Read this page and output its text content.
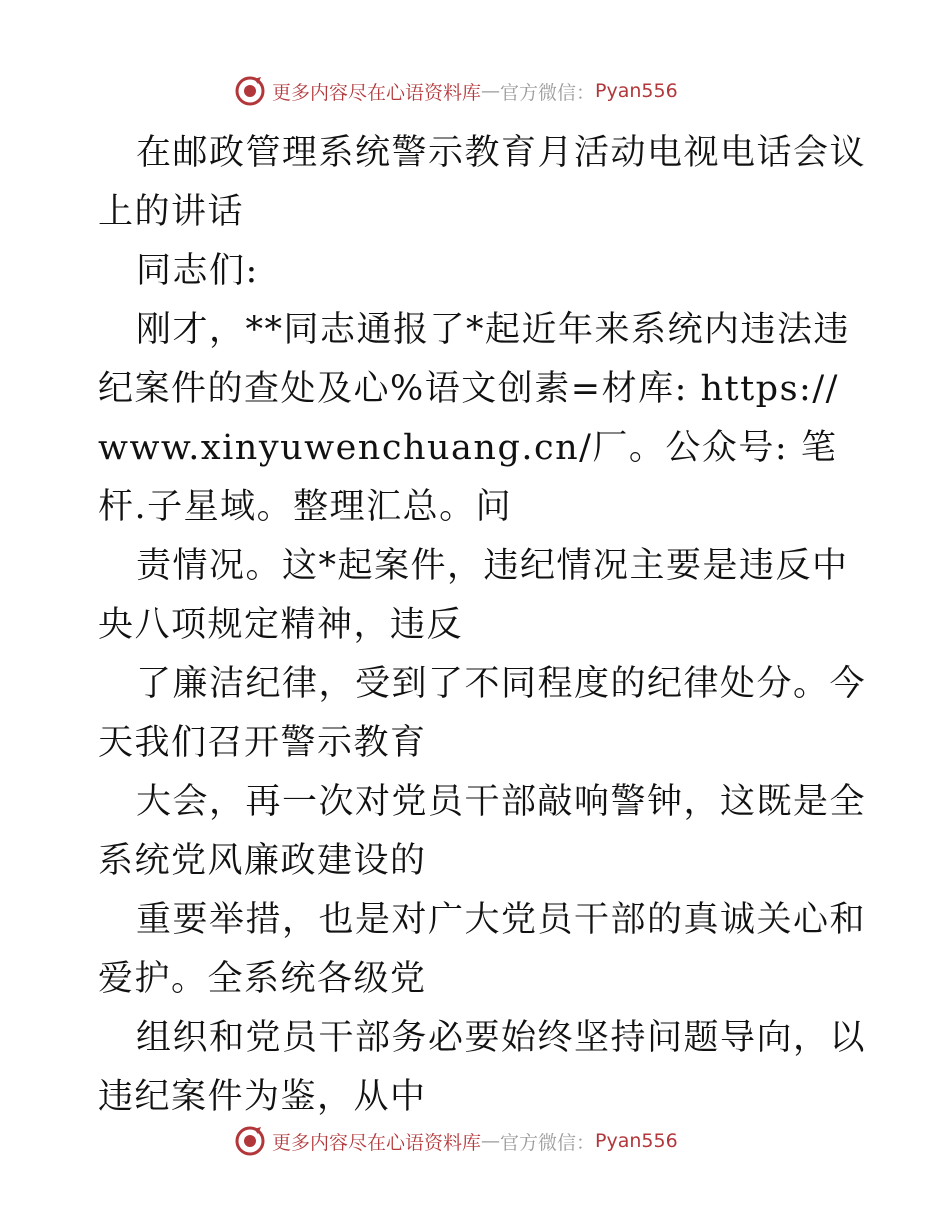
更多内容尽在心语资料库 — 官方微信： Pyan556

在邮政管理系统警示教育月活动电视电话会议上的讲话

同志们:

刚才，**同志通报了*起近年来系统内违法违纪案件的查处及心%语文创素=材库: https:// www.xinyuwenchuang.cn/厂。公众号: 笔杆.子星域。整理汇总。问

责情况。这*起案件，违纪情况主要是违反中央八项规定精神，违反

了廉洁纪律，受到了不同程度的纪律处分。今天我们召开警示教育

大会，再一次对党员干部敲响警钟，这既是全系统党风廉政建设的

重要举措，也是对广大党员干部的真诚关心和爱护。全系统各级党

组织和党员干部务必要始终坚持问题导向，以违纪案件为鉴，从中

更多内容尽在心语资料库 — 官方微信： Pyan556
